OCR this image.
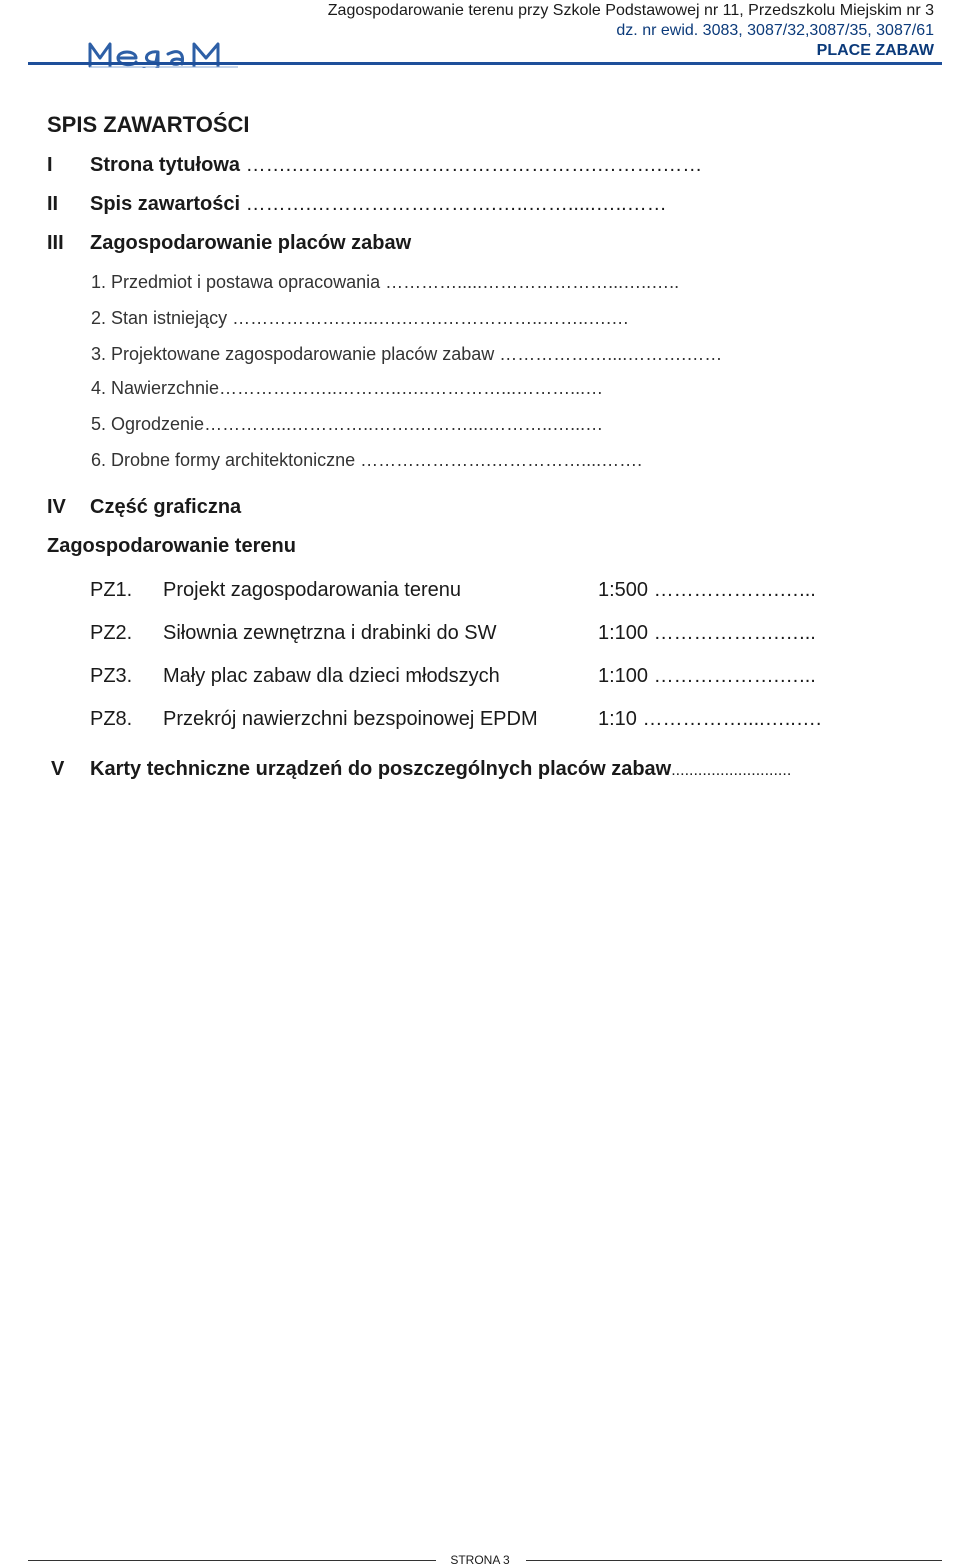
Zagospodarowanie terenu przy Szkole Podstawowej nr 11, Przedszkolu Miejskim nr 3
dz. nr ewid. 3083, 3087/32,3087/35, 3087/61
PLACE ZABAW
SPIS ZAWARTOŚCI
I Strona tytułowa …….……………………………………….……….……
II Spis zawartości ……….……………………….…..…….....…..……
III Zagospodarowanie placów zabaw
1. Przedmiot i postawa opracowania ………….....…………………...…..…..
2. Stan istniejący ……………….…...….…….……………..……..….…
3. Projektowane zagospodarowanie placów zabaw ………………....……….……
4. Nawierzchnie………………..………..…..…………...………...…
5. Ogrodzenie…………...…………..…….………....………..…...…
6. Drobne formy architektoniczne ………………….……………....…….
IV Część graficzna
Zagospodarowanie terenu
PZ1. Projekt zagospodarowania terenu	1:500 ……………….…...
PZ2. Siłownia zewnętrzna i drabinki do SW	1:100 ……………….…...
PZ3. Mały plac zabaw dla dzieci młodszych	1:100 ……………….…...
PZ8. Przekrój nawierzchni bezspoinowej EPDM	1:10 ……………....…..….
V Karty techniczne urządzeń do poszczególnych placów zabaw...........................
STRONA 3
